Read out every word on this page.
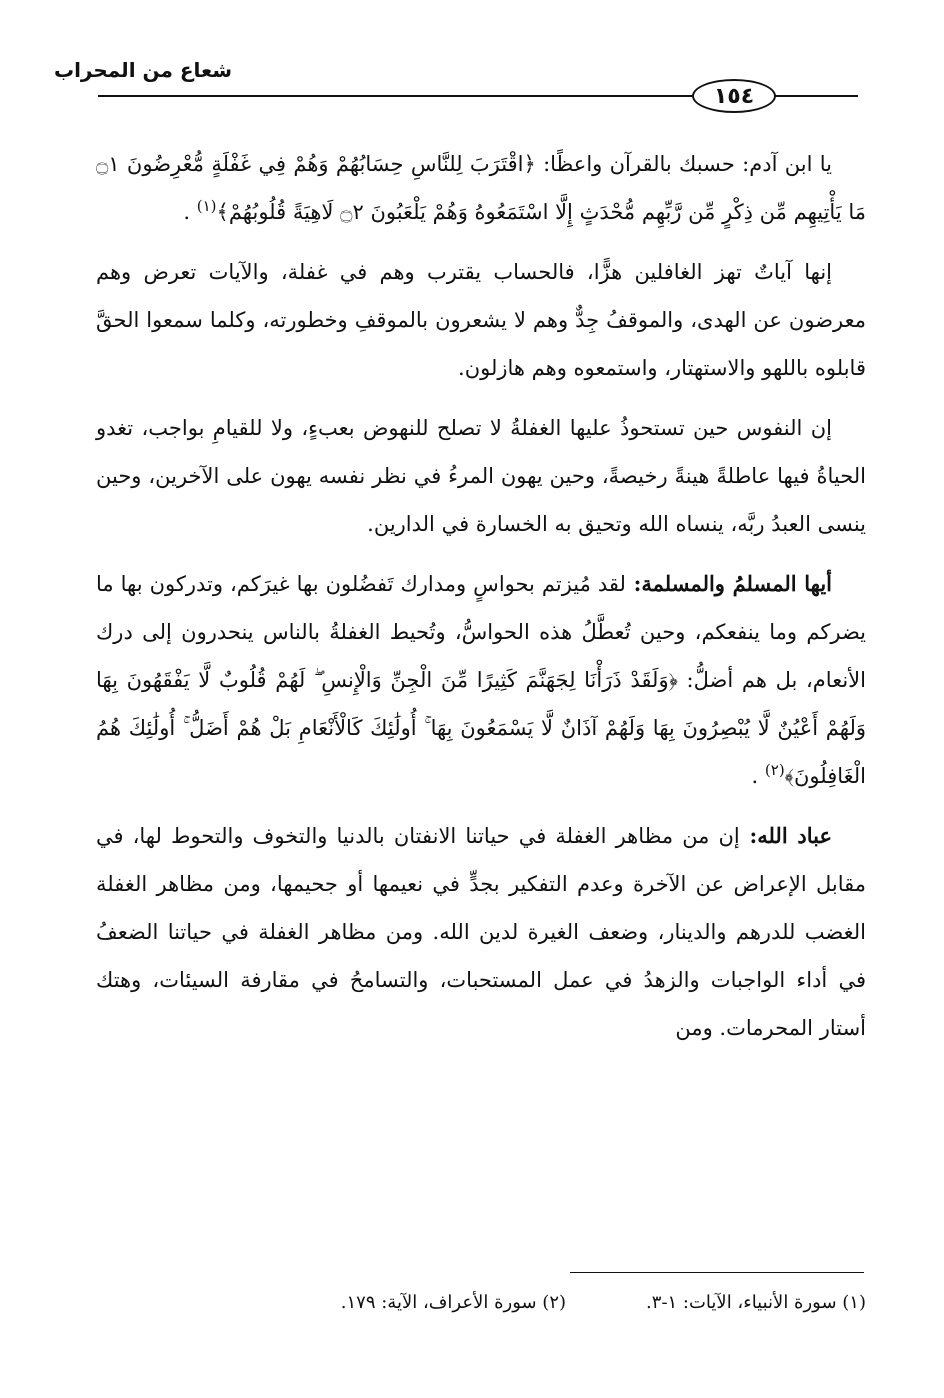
شعاع من المحراب
١٥٤

يا ابن آدم: حسبك بالقرآن واعظًا: ﴿اقْتَرَبَ لِلنَّاسِ حِسَابُهُمْ وَهُمْ فِي غَفْلَةٍ مُّعْرِضُونَ ۝١ مَا يَأْتِيهِم مِّن ذِكْرٍ مِّن رَّبِّهِم مُّحْدَثٍ إِلَّا اسْتَمَعُوهُ وَهُمْ يَلْعَبُونَ ۝٢ لَاهِيَةً قُلُوبُهُمْ﴾$^{(١)}$ .

إنها آياتٌ تهز الغافلين هزًّا، فالحساب يقترب وهم في غفلة، والآيات تعرض وهم معرضون عن الهدى، والموقفُ جِدٌّ وهم لا يشعرون بالموقفِ وخطورته، وكلما سمعوا الحقَّ قابلوه باللهو والاستهتار، واستمعوه وهم هازلون.

إن النفوس حين تستحوذُ عليها الغفلةُ لا تصلح للنهوض بعبءٍ، ولا للقيامِ بواجب، تغدو الحياةُ فيها عاطلةً هينةً رخيصةً، وحين يهون المرءُ في نظر نفسه يهون على الآخرين، وحين ينسى العبدُ ربَّه، ينساه الله وتحيق به الخسارة في الدارين.

أيها المسلمُ والمسلمة: لقد مُيزتم بحواسٍ ومدارك تَفضُلون بها غيرَكم، وتدركون بها ما يضركم وما ينفعكم، وحين تُعطَّلُ هذه الحواسُّ، وتُحيط الغفلةُ بالناس ينحدرون إلى درك الأنعام، بل هم أضلُّ: ﴿وَلَقَدْ ذَرَأْنَا لِجَهَنَّمَ كَثِيرًا مِّنَ الْجِنِّ وَالْإِنسِ ۖ لَهُمْ قُلُوبٌ لَّا يَفْقَهُونَ بِهَا وَلَهُمْ أَعْيُنٌ لَّا يُبْصِرُونَ بِهَا وَلَهُمْ آذَانٌ لَّا يَسْمَعُونَ بِهَا ۚ أُولَٰئِكَ كَالْأَنْعَامِ بَلْ هُمْ أَضَلُّ ۚ أُولَٰئِكَ هُمُ الْغَافِلُونَ﴾$^{(٢)}$ .

عباد الله: إن من مظاهر الغفلة في حياتنا الانفتان بالدنيا والتخوف والتحوط لها، في مقابل الإعراض عن الآخرة وعدم التفكير بجدٍّ في نعيمها أو جحيمها، ومن مظاهر الغفلة الغضب للدرهم والدينار، وضعف الغيرة لدين الله. ومن مظاهر الغفلة في حياتنا الضعفُ في أداء الواجبات والزهدُ في عمل المستحبات، والتسامحُ في مقارفة السيئات، وهتك أستار المحرمات. ومن

(١) سورة الأنبياء، الآيات: ١-٣.
(٢) سورة الأعراف، الآية: ١٧٩.
